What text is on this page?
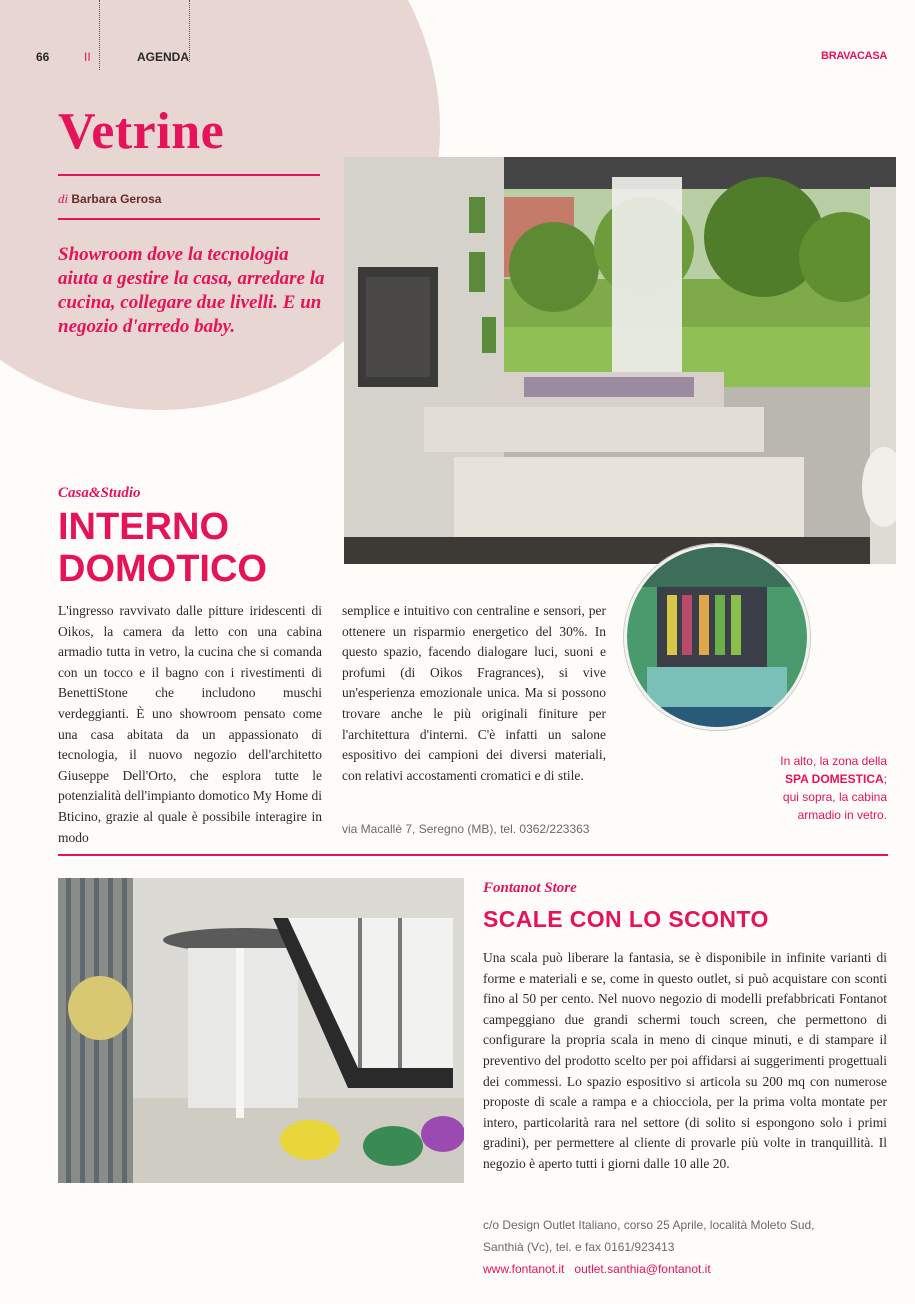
66	II	AGENDA	BRAVACASA
Vetrine
di Barbara Gerosa
Showroom dove la tecnologia aiuta a gestire la casa, arredare la cucina, collegare due livelli. E un negozio d'arredo baby.
In alto, la zona della
SPA DOMESTICA;
qui sopra, la cabina
armadio in vetro.
Casa&Studio
INTERNO
DOMOTICO
L'ingresso ravvivato dalle pitture iridescenti di Oikos, la camera da letto con una cabina armadio tutta in vetro, la cucina che si comanda con un tocco e il bagno con i rivestimenti di BenettiStone che includono muschi verdeggianti. È uno showroom pensato come una casa abitata da un appassionato di tecnologia, il nuovo negozio dell'architetto Giuseppe Dell'Orto, che esplora tutte le potenzialità dell'impianto domotico My Home di Bticino, grazie al quale è possibile interagire in modo
semplice e intuitivo con centraline e sensori, per ottenere un risparmio energetico del 30%. In questo spazio, facendo dialogare luci, suoni e profumi (di Oikos Fragrances), si vive un'esperienza emozionale unica. Ma si possono trovare anche le più originali finiture per l'architettura d'interni. C'è infatti un salone espositivo dei campioni dei diversi materiali, con relativi accostamenti cromatici e di stile.
via Macallè 7, Seregno (MB), tel. 0362/223363
Fontanot Store
SCALE CON LO SCONTO
Una scala può liberare la fantasia, se è disponibile in infinite varianti di forme e materiali e se, come in questo outlet, si può acquistare con sconti fino al 50 per cento. Nel nuovo negozio di modelli prefabbricati Fontanot campeggiano due grandi schermi touch screen, che permettono di configurare la propria scala in meno di cinque minuti, e di stampare il preventivo del prodotto scelto per poi affidarsi ai suggerimenti progettuali dei commessi. Lo spazio espositivo si articola su 200 mq con numerose proposte di scale a rampa e a chiocciola, per la prima volta montate per intero, particolarità rara nel settore (di solito si espongono solo i primi gradini), per permettere al cliente di provarle più volte in tranquillità. Il negozio è aperto tutti i giorni dalle 10 alle 20.
c/o Design Outlet Italiano, corso 25 Aprile, località Moleto Sud,
Santhià (Vc), tel. e fax 0161/923413
www.fontanot.it outlet.santhia@fontanot.it
